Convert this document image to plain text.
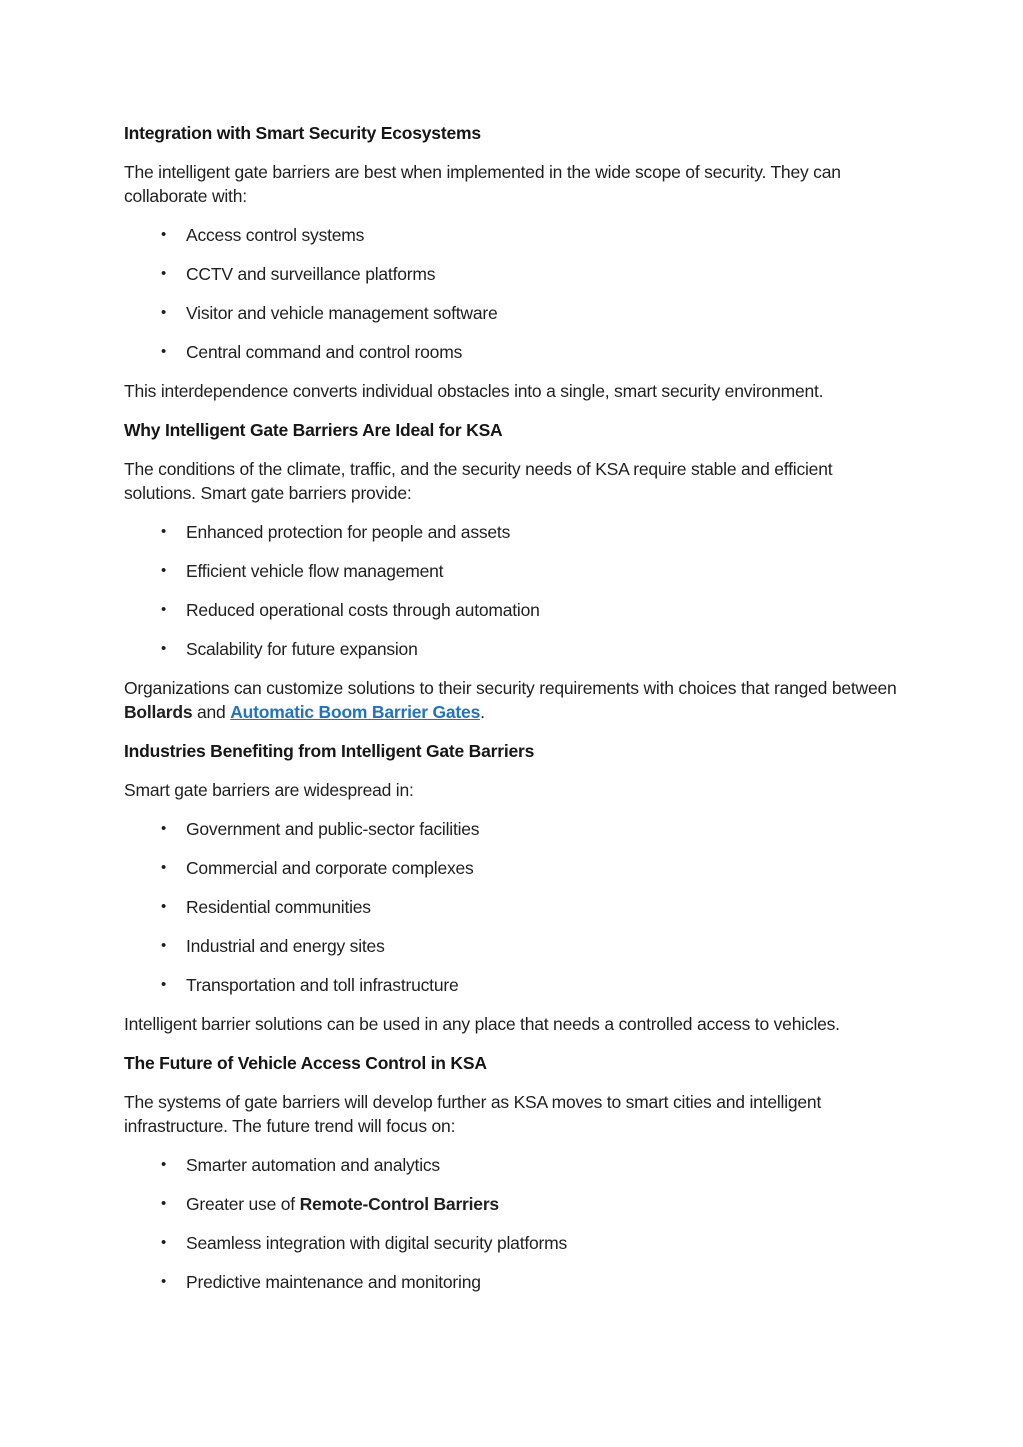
Integration with Smart Security Ecosystems

The intelligent gate barriers are best when implemented in the wide scope of security. They can collaborate with:

• Access control systems
• CCTV and surveillance platforms
• Visitor and vehicle management software
• Central command and control rooms

This interdependence converts individual obstacles into a single, smart security environment.

Why Intelligent Gate Barriers Are Ideal for KSA

The conditions of the climate, traffic, and the security needs of KSA require stable and efficient solutions. Smart gate barriers provide:

• Enhanced protection for people and assets
• Efficient vehicle flow management
• Reduced operational costs through automation
• Scalability for future expansion

Organizations can customize solutions to their security requirements with choices that ranged between Bollards and Automatic Boom Barrier Gates.

Industries Benefiting from Intelligent Gate Barriers

Smart gate barriers are widespread in:

• Government and public-sector facilities
• Commercial and corporate complexes
• Residential communities
• Industrial and energy sites
• Transportation and toll infrastructure

Intelligent barrier solutions can be used in any place that needs a controlled access to vehicles.

The Future of Vehicle Access Control in KSA

The systems of gate barriers will develop further as KSA moves to smart cities and intelligent infrastructure. The future trend will focus on:

• Smarter automation and analytics
• Greater use of Remote-Control Barriers
• Seamless integration with digital security platforms
• Predictive maintenance and monitoring
